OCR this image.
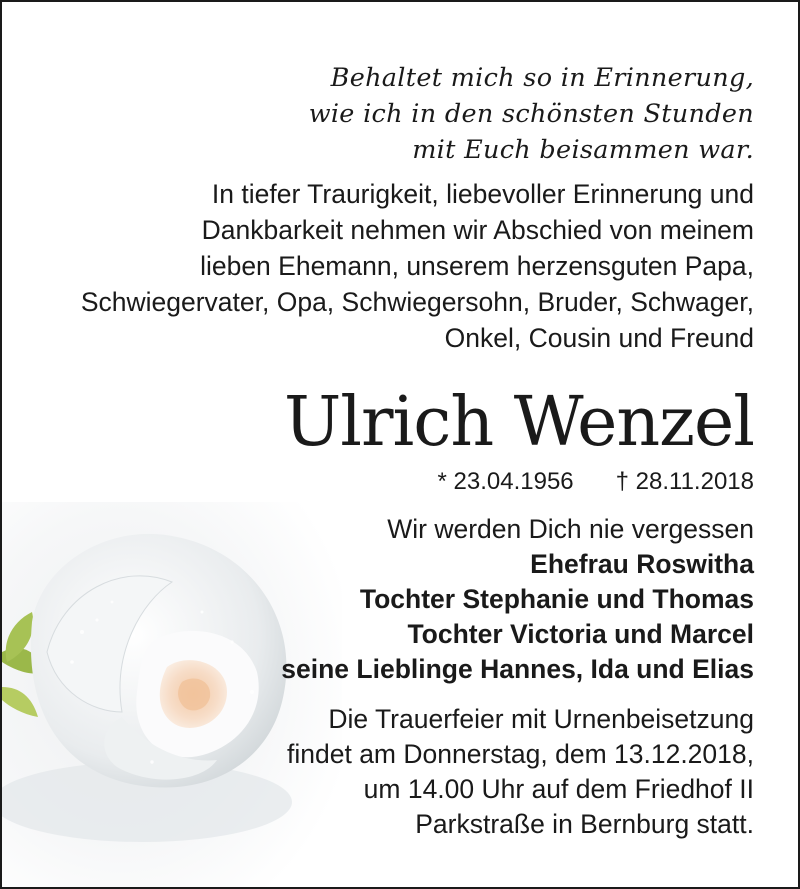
Behaltet mich so in Erinnerung,
wie ich in den schönsten Stunden
mit Euch beisammen war.
In tiefer Traurigkeit, liebevoller Erinnerung und
Dankbarkeit nehmen wir Abschied von meinem
lieben Ehemann, unserem herzensguten Papa,
Schwiegervater, Opa, Schwiegersohn, Bruder, Schwager,
Onkel, Cousin und Freund
Ulrich Wenzel
* 23.04.1956 † 28.11.2018
Wir werden Dich nie vergessen
Ehefrau Roswitha
Tochter Stephanie und Thomas
Tochter Victoria und Marcel
seine Lieblinge Hannes, Ida und Elias
Die Trauerfeier mit Urnenbeisetzung
findet am Donnerstag, dem 13.12.2018,
um 14.00 Uhr auf dem Friedhof II
Parkstraße in Bernburg statt.
